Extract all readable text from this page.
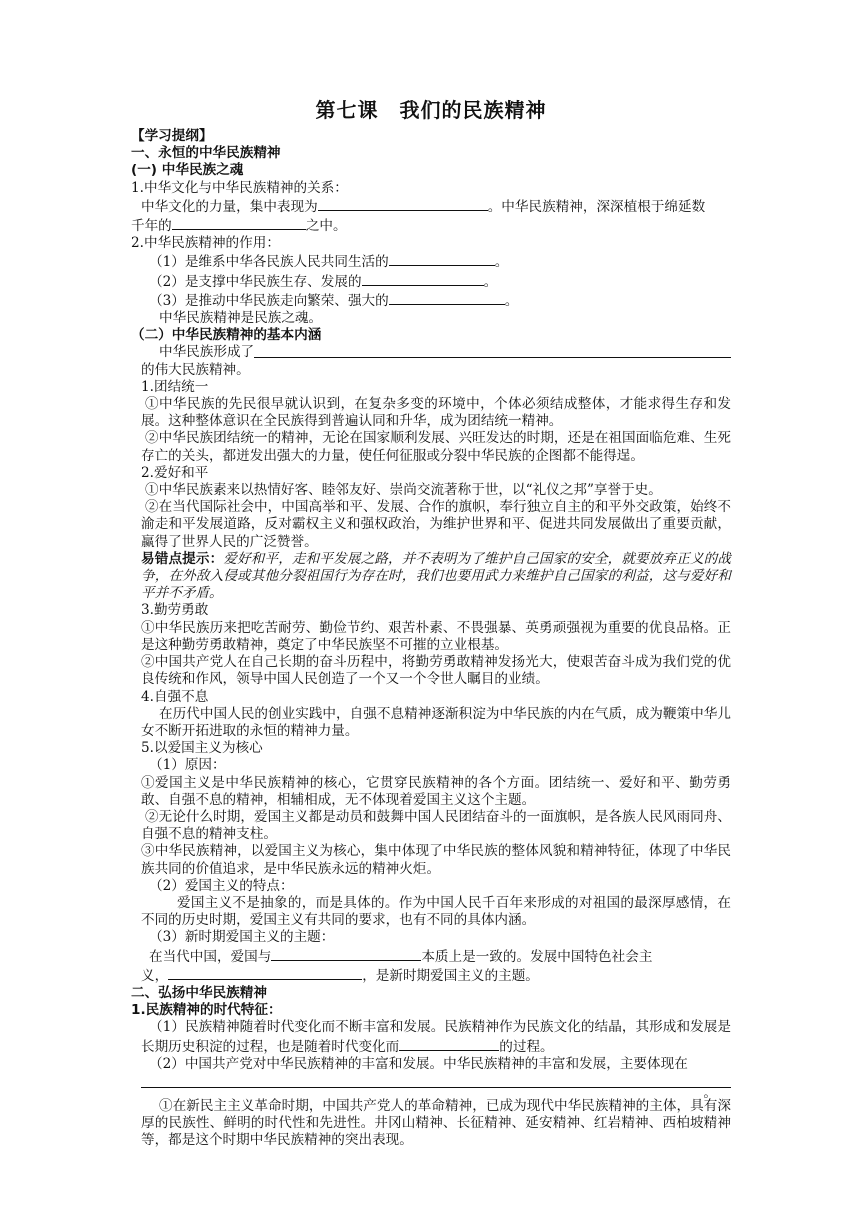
第七课　我们的民族精神
【学习提纲】
一、永恒的中华民族精神
(一) 中华民族之魂
1.中华文化与中华民族精神的关系：
中华文化的力量，集中表现为	。中华民族精神，深深植根于绵延数
千年的	之中。
2.中华民族精神的作用：
（1）是维系中华各民族人民共同生活的	。
（2）是支撑中华民族生存、发展的	。
（3）是推动中华民族走向繁荣、强大的	。
中华民族精神是民族之魂。
（二）中华民族精神的基本内涵
中华民族形成了
的伟大民族精神。
1.团结统一
①中华民族的先民很早就认识到，在复杂多变的环境中，个体必须结成整体，才能求得生存和发展。这种整体意识在全民族得到普遍认同和升华，成为团结统一精神。
②中华民族团结统一的精神，无论在国家顺利发展、兴旺发达的时期，还是在祖国面临危难、生死存亡的关头，都迸发出强大的力量，使任何征服或分裂中华民族的企图都不能得逞。
2.爱好和平
①中华民族素来以热情好客、睦邻友好、崇尚交流著称于世，以“礼仪之邦”享誉于史。
②在当代国际社会中，中国高举和平、发展、合作的旗帜，奉行独立自主的和平外交政策，始终不渝走和平发展道路，反对霸权主义和强权政治，为维护世界和平、促进共同发展做出了重要贡献，赢得了世界人民的广泛赞誉。
易错点提示：爱好和平，走和平发展之路，并不表明为了维护自己国家的安全，就要放弃正义的战争，在外敌入侵或其他分裂祖国行为存在时，我们也要用武力来维护自己国家的利益，这与爱好和平并不矛盾。
3.勤劳勇敢
①中华民族历来把吃苦耐劳、勤俭节约、艰苦朴素、不畏强暴、英勇顽强视为重要的优良品格。正是这种勤劳勇敢精神，奠定了中华民族坚不可摧的立业根基。
②中国共产党人在自己长期的奋斗历程中，将勤劳勇敢精神发扬光大，使艰苦奋斗成为我们党的优良传统和作风，领导中国人民创造了一个又一个令世人瞩目的业绩。
4.自强不息
在历代中国人民的创业实践中，自强不息精神逐渐积淀为中华民族的内在气质，成为鞭策中华儿女不断开拓进取的永恒的精神力量。
5.以爱国主义为核心
（1）原因：
①爱国主义是中华民族精神的核心，它贯穿民族精神的各个方面。团结统一、爱好和平、勤劳勇敢、自强不息的精神，相辅相成，无不体现着爱国主义这个主题。
②无论什么时期，爱国主义都是动员和鼓舞中国人民团结奋斗的一面旗帜，是各族人民风雨同舟、自强不息的精神支柱。
③中华民族精神，以爱国主义为核心，集中体现了中华民族的整体风貌和精神特征，体现了中华民族共同的价值追求，是中华民族永远的精神火炬。
（2）爱国主义的特点：
爱国主义不是抽象的，而是具体的。作为中国人民千百年来形成的对祖国的最深厚感情，在不同的历史时期，爱国主义有共同的要求，也有不同的具体内涵。
（3）新时期爱国主义的主题：
在当代中国，爱国与	本质上是一致的。发展中国特色社会主
义，	，是新时期爱国主义的主题。
二、弘扬中华民族精神
1.民族精神的时代特征：
（1）民族精神随着时代变化而不断丰富和发展。民族精神作为民族文化的结晶，其形成和发展是长期历史积淀的过程，也是随着时代变化而	的过程。
（2）中国共产党对中华民族精神的丰富和发展。中华民族精神的丰富和发展，主要体现在
。
①在新民主主义革命时期，中国共产党人的革命精神，已成为现代中华民族精神的主体，具有深厚的民族性、鲜明的时代性和先进性。井冈山精神、长征精神、延安精神、红岩精神、西柏坡精神等，都是这个时期中华民族精神的突出表现。
